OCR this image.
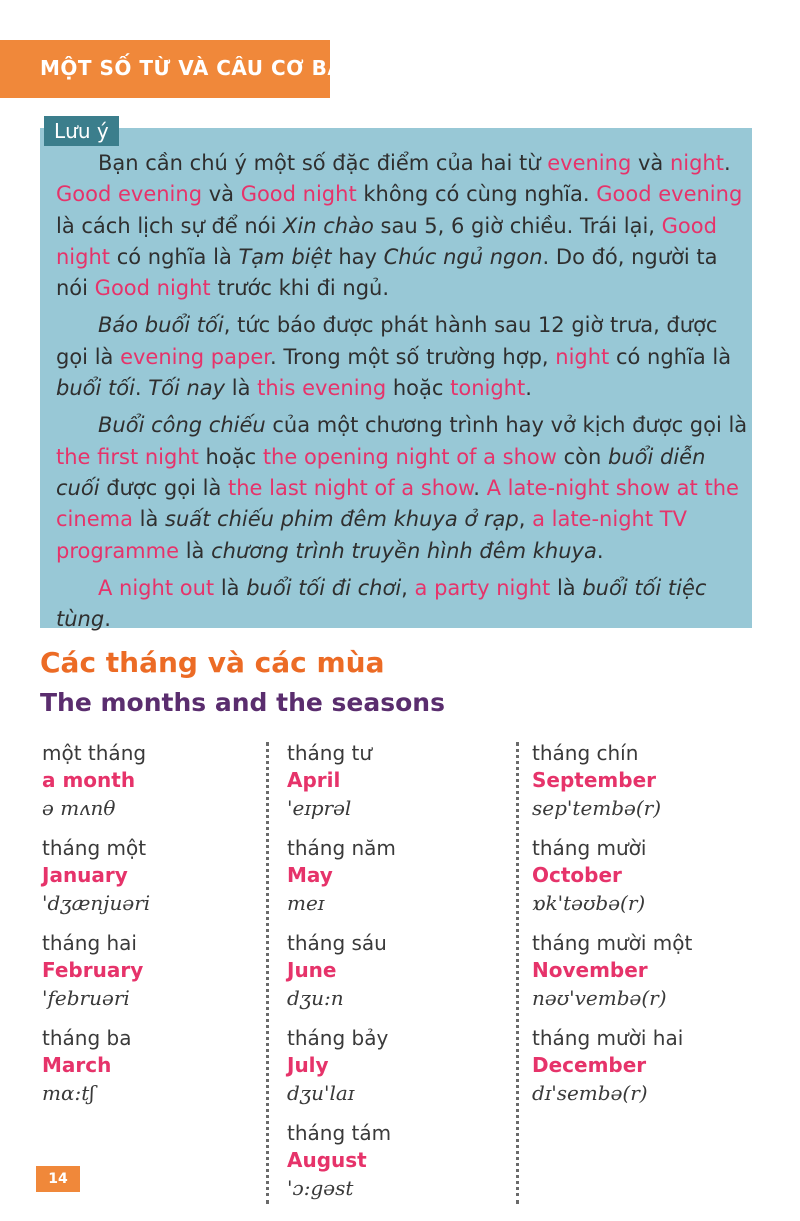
MỘT SỐ TỪ VÀ CÂU CƠ BẢN
Lưu ý

Bạn cần chú ý một số đặc điểm của hai từ evening và night. Good evening và Good night không có cùng nghĩa. Good evening là cách lịch sự để nói Xin chào sau 5, 6 giờ chiều. Trái lại, Good night có nghĩa là Tạm biệt hay Chúc ngủ ngon. Do đó, người ta nói Good night trước khi đi ngủ.

Báo buổi tối, tức báo được phát hành sau 12 giờ trưa, được gọi là evening paper. Trong một số trường hợp, night có nghĩa là buổi tối. Tối nay là this evening hoặc tonight.

Buổi công chiếu của một chương trình hay vở kịch được gọi là the first night hoặc the opening night of a show còn buổi diễn cuối được gọi là the last night of a show. A late-night show at the cinema là suất chiếu phim đêm khuya ở rạp, a late-night TV programme là chương trình truyền hình đêm khuya.

A night out là buổi tối đi chơi, a party night là buổi tối tiệc tùng.

Các tháng và các mùa
The months and the seasons
một tháng
a month
ə mʌnθ
tháng một
January
'dʒænjuəri
tháng hai
February
'februəri
tháng ba
March
mɑ:tʃ
tháng tư
April
'eɪprəl
tháng năm
May
meɪ
tháng sáu
June
dʒu:n
tháng bảy
July
dʒu'laɪ
tháng tám
August
'ɔ:gəst
tháng chín
September
sep'tembə(r)
tháng mười
October
ɒk'təʊbə(r)
tháng mười một
November
nəʊ'vembə(r)
tháng mười hai
December
dɪ'sembə(r)
14
